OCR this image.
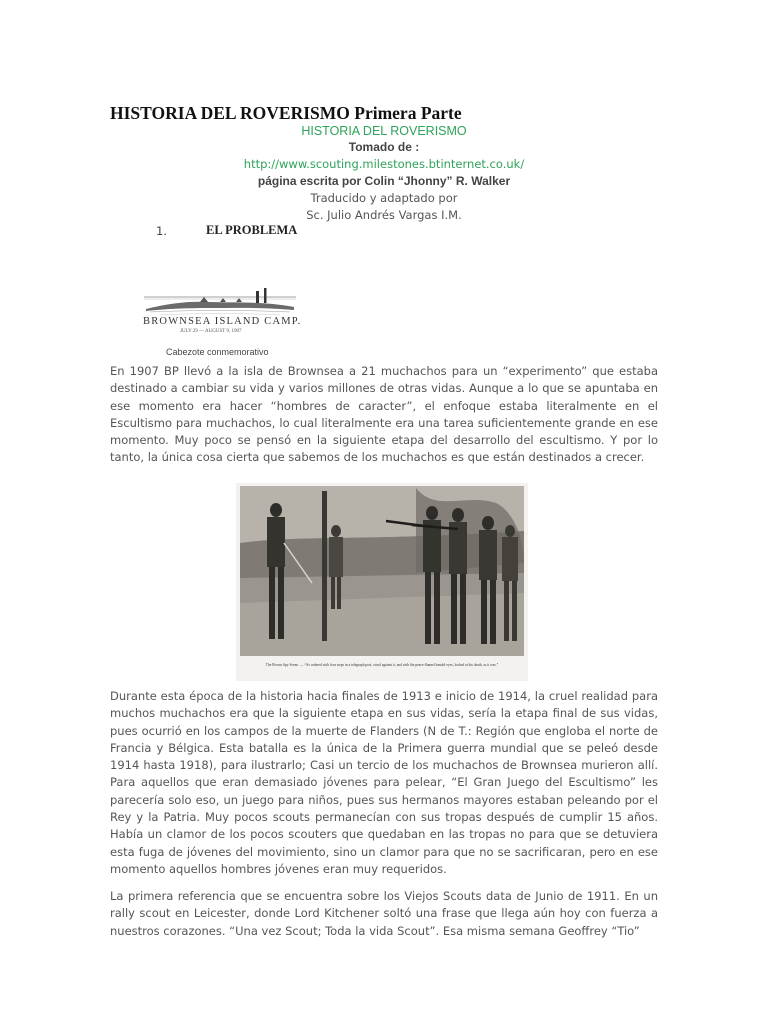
HISTORIA DEL ROVERISMO Primera Parte
HISTORIA DEL ROVERISMO
Tomado de :
http://www.scouting.milestones.btinternet.co.uk/
página escrita por Colin “Jhonny” R. Walker
Traducido y adaptado por
Sc. Julio Andrés Vargas I.M.
1.	EL PROBLEMA
BROWNSEA ISLAND CAMP.
JULY 29 — AUGUST 9, 1907
Cabezote conmemorativo

En 1907 BP llevó a la isla de Brownsea a 21 muchachos para un “experimento” que estaba destinado a cambiar su vida y varios millones de otras vidas. Aunque a lo que se apuntaba en ese momento era hacer “hombres de caracter”, el enfoque estaba literalmente en el Escultismo para muchachos, lo cual literalmente era una tarea suficientemente grande en ese momento. Muy poco se pensó en la siguiente etapa del desarrollo del escultismo. Y por lo tanto, la única cosa cierta que sabemos de los muchachos es que están destinados a crecer.

The Brown Spy Scene. — “As ordered with four steps in a telegraph post, stood against it, and with the peace-flannel bandol eyes, looked at his death, as it was.”

Durante esta época de la historia hacia finales de 1913 e inicio de 1914, la cruel realidad para muchos muchachos era que la siguiente etapa en sus vidas, sería la etapa final de sus vidas, pues ocurrió en los campos de la muerte de Flanders (N de T.: Región que engloba el norte de Francia y Bélgica. Esta batalla es la única de la Primera guerra mundial que se peleó desde 1914 hasta 1918), para ilustrarlo; Casi un tercio de los muchachos de Brownsea murieron allí. Para aquellos que eran demasiado jóvenes para pelear, “El Gran Juego del Escultismo” les parecería solo eso, un juego para niños, pues sus hermanos mayores estaban peleando por el Rey y la Patria. Muy pocos scouts permanecían con sus tropas después de cumplir 15 años. Había un clamor de los pocos scouters que quedaban en las tropas no para que se detuviera esta fuga de jóvenes del movimiento, sino un clamor para que no se sacrificaran, pero en ese momento aquellos hombres jóvenes eran muy requeridos.

La primera referencia que se encuentra sobre los Viejos Scouts data de Junio de 1911. En un rally scout en Leicester, donde Lord Kitchener soltó una frase que llega aún hoy con fuerza a nuestros corazones. “Una vez Scout; Toda la vida Scout”. Esa misma semana Geoffrey “Tio”
